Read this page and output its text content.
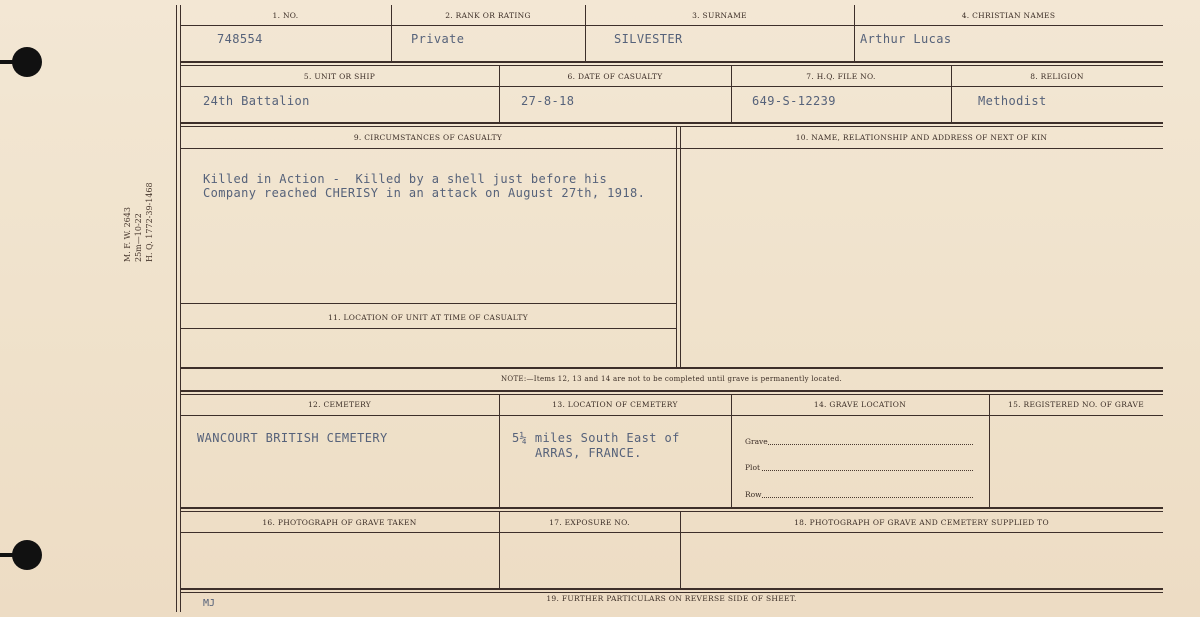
M. F. W. 2643 25m—10-22 H. Q. 1772-39-1468
1. NO.	2. RANK OR RATING	3. SURNAME	4. CHRISTIAN NAMES
748554	Private	SILVESTER	Arthur Lucas
5. UNIT OR SHIP	6. DATE OF CASUALTY	7. H.Q. FILE NO.	8. RELIGION
24th Battalion	27-8-18	649-S-12239	Methodist
9. CIRCUMSTANCES OF CASUALTY	10. NAME, RELATIONSHIP AND ADDRESS OF NEXT OF KIN
Killed in Action -  Killed by a shell just before his
Company reached CHERISY in an attack on August 27th, 1918.
11. LOCATION OF UNIT AT TIME OF CASUALTY
NOTE:—Items 12, 13 and 14 are not to be completed until grave is permanently located.
12. CEMETERY	13. LOCATION OF CEMETERY	14. GRAVE LOCATION	15. REGISTERED NO. OF GRAVE
WANCOURT BRITISH CEMETERY	5¼ miles South East of
ARRAS, FRANCE.
Grave
Plot
Row
16. PHOTOGRAPH OF GRAVE TAKEN	17. EXPOSURE NO.	18. PHOTOGRAPH OF GRAVE AND CEMETERY SUPPLIED TO
19. FURTHER PARTICULARS ON REVERSE SIDE OF SHEET.
MJ
